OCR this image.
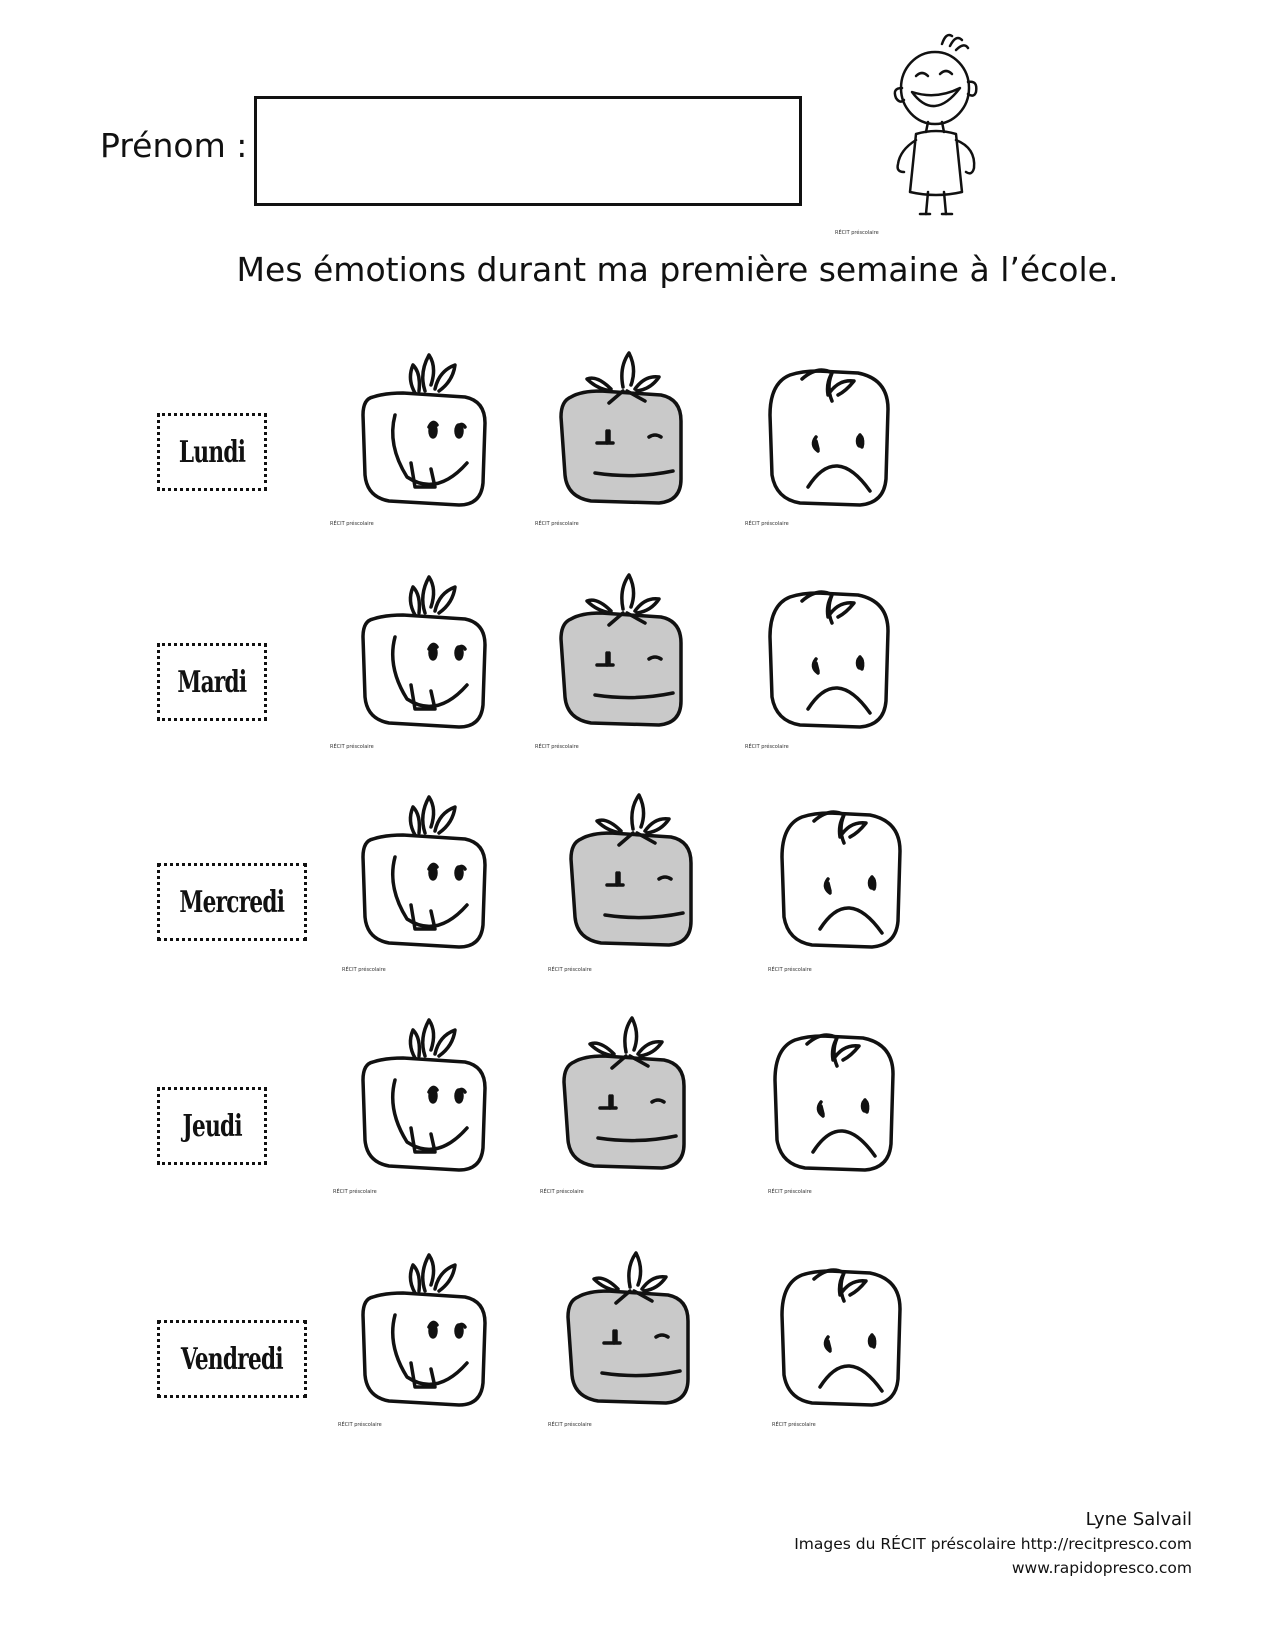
Prénom :
RÉCIT préscolaire
Mes émotions durant ma première semaine à l’école.
Lundi
RÉCIT préscolaire	RÉCIT préscolaire	RÉCIT préscolaire
Mardi
RÉCIT préscolaire	RÉCIT préscolaire	RÉCIT préscolaire
Mercredi
RÉCIT préscolaire	RÉCIT préscolaire	RÉCIT préscolaire
Jeudi
RÉCIT préscolaire	RÉCIT préscolaire	RÉCIT préscolaire
Vendredi
RÉCIT préscolaire	RÉCIT préscolaire	RÉCIT préscolaire
Lyne Salvail
Images du RÉCIT préscolaire http://recitpresco.com
www.rapidopresco.com
